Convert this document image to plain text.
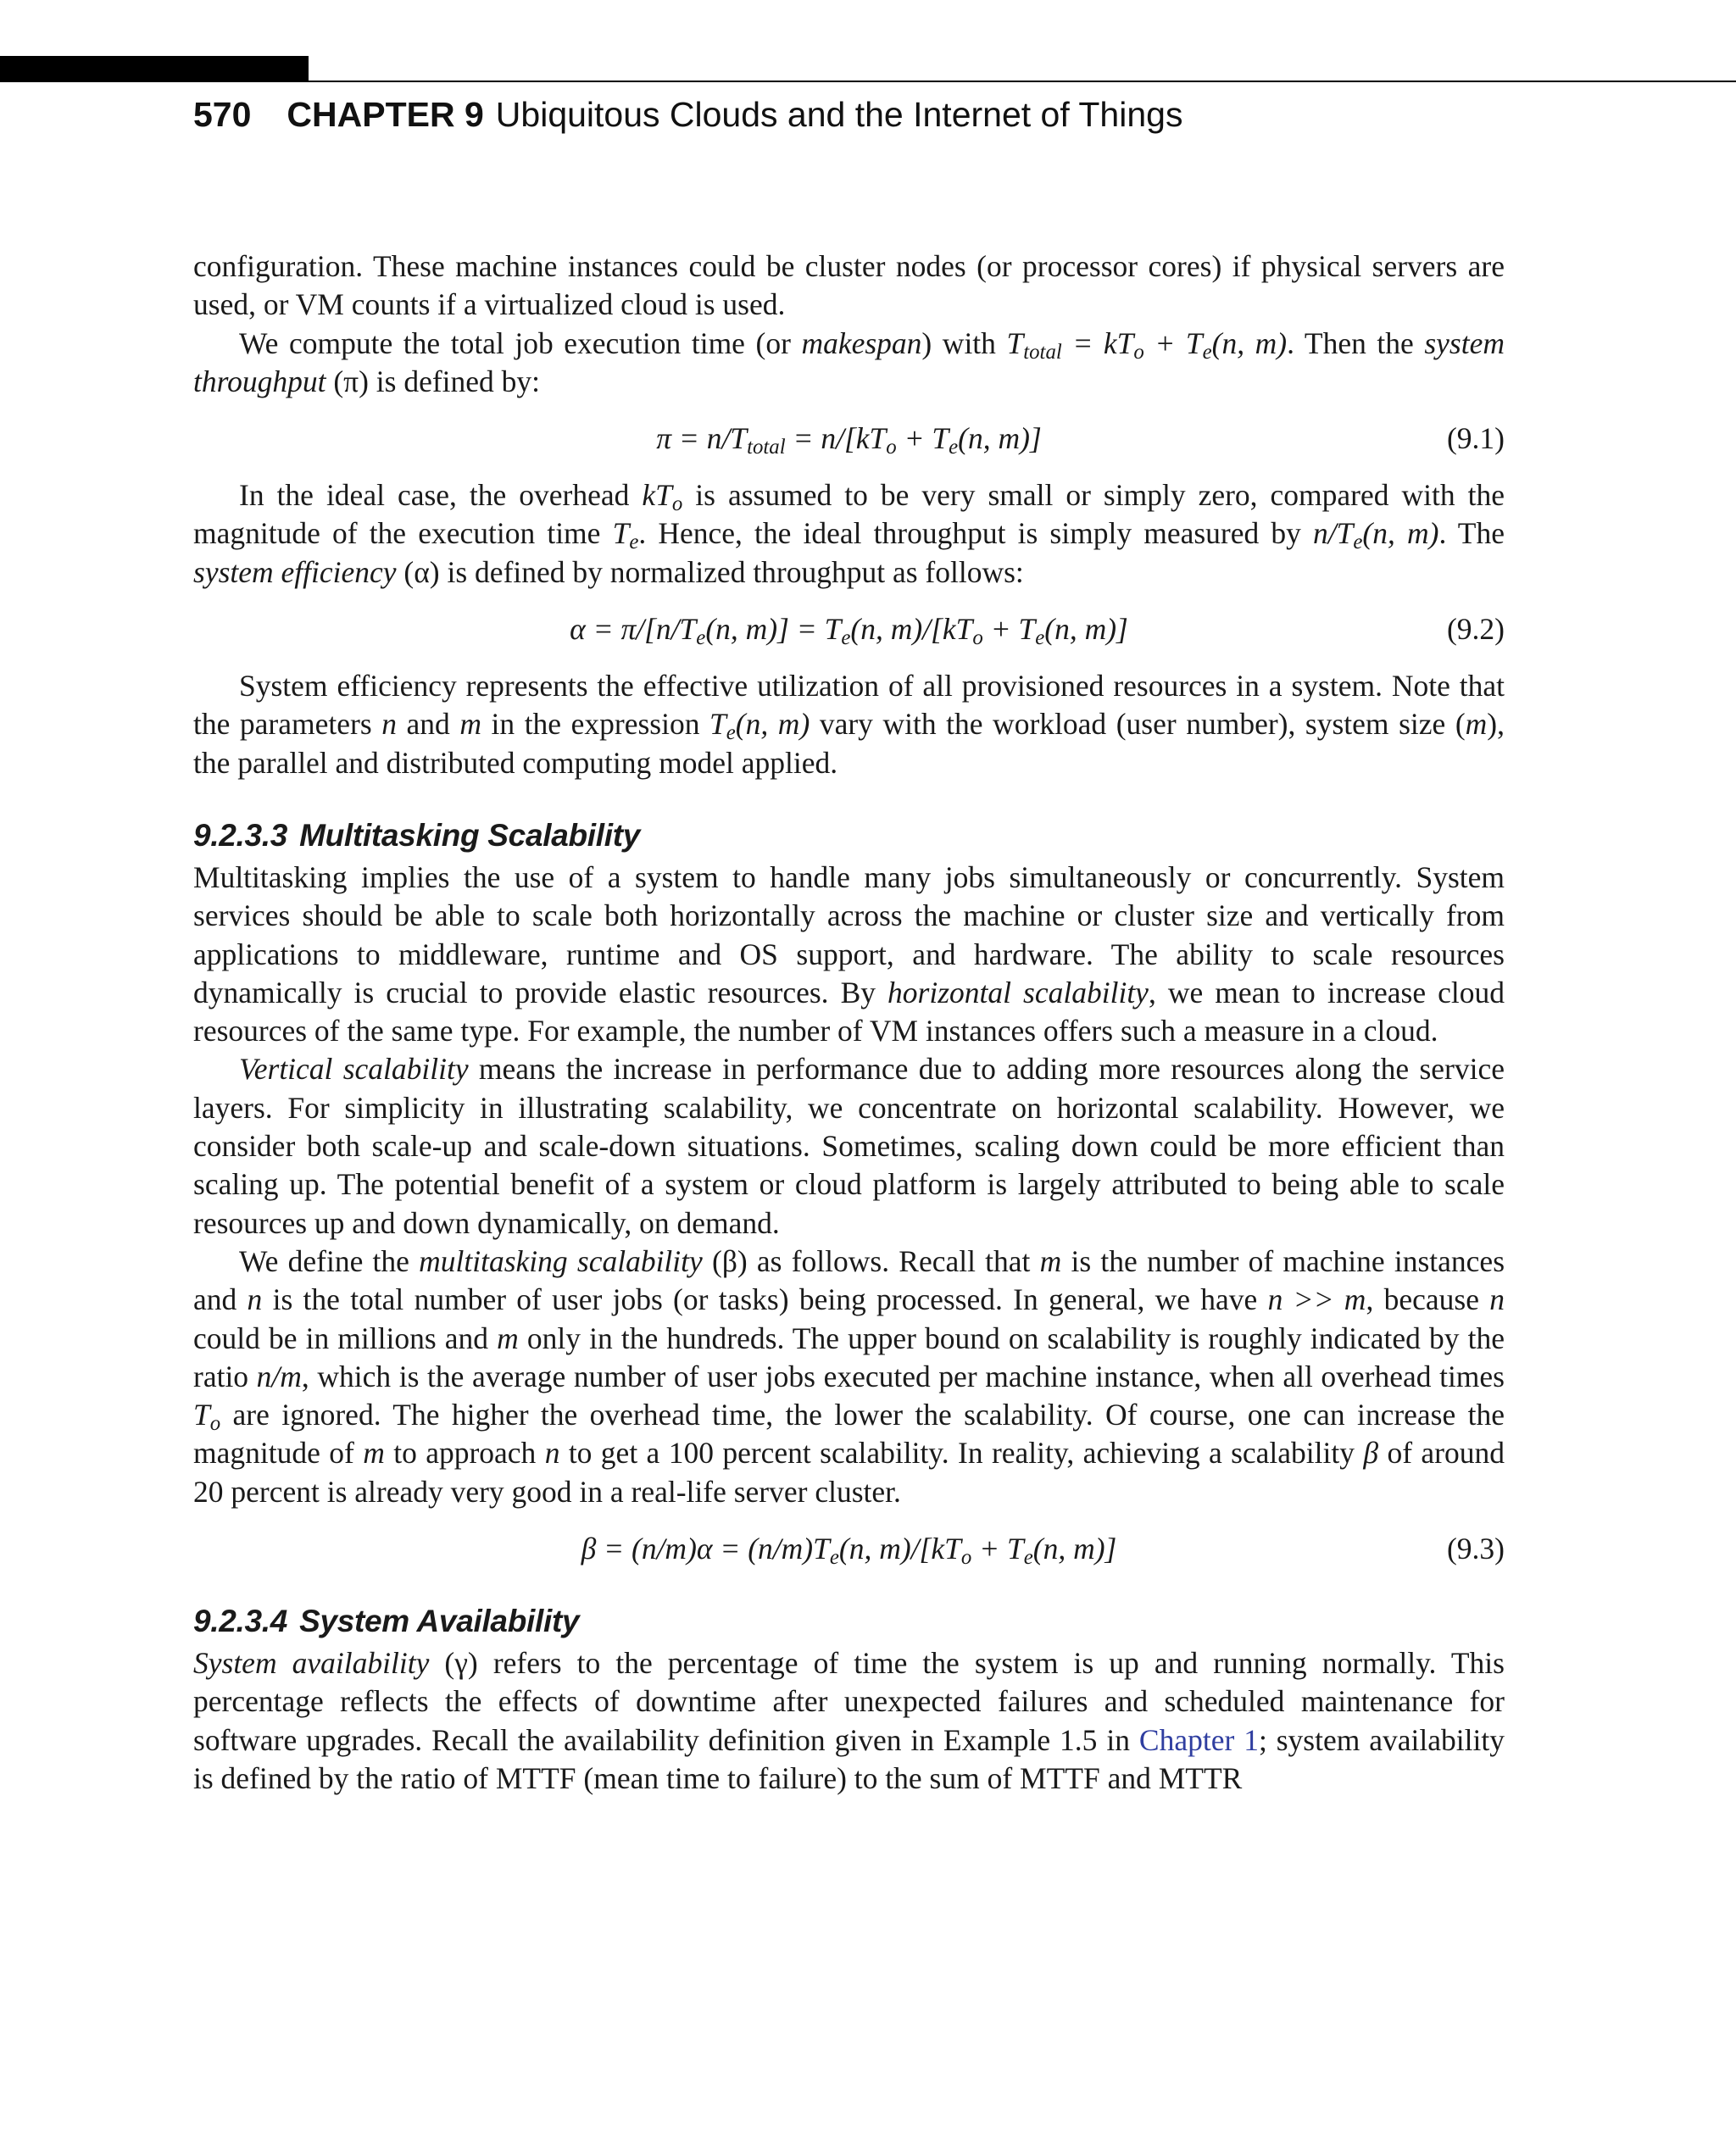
570 CHAPTER 9 Ubiquitous Clouds and the Internet of Things

configuration. These machine instances could be cluster nodes (or processor cores) if physical servers are used, or VM counts if a virtualized cloud is used.

We compute the total job execution time (or makespan) with $T_{total} = kT_o + T_e(n$, m). Then the system throughput (π) is defined by:

$\pi = n/T_{total} = n/[kT_o + T_e(n$, m)]	(9.1)

In the ideal case, the overhead $kT_o$ is assumed to be very small or simply zero, compared with the magnitude of the execution time $T_e$. Hence, the ideal throughput is simply measured by $n/T_e(n$, m). The system efficiency (α) is defined by normalized throughput as follows:

$\alpha = \pi/[n/T_e(n$, $m)] = T_e(n$, $m)/[kT_o + T_e(n$, m)]	(9.2)

System efficiency represents the effective utilization of all provisioned resources in a system. Note that the parameters n and m in the expression $T_e(n$, m) vary with the workload (user number), system size (m), the parallel and distributed computing model applied.

9.2.3.3 Multitasking Scalability

Multitasking implies the use of a system to handle many jobs simultaneously or concurrently. System services should be able to scale both horizontally across the machine or cluster size and vertically from applications to middleware, runtime and OS support, and hardware. The ability to scale resources dynamically is crucial to provide elastic resources. By horizontal scalability, we mean to increase cloud resources of the same type. For example, the number of VM instances offers such a measure in a cloud.

Vertical scalability means the increase in performance due to adding more resources along the service layers. For simplicity in illustrating scalability, we concentrate on horizontal scalability. However, we consider both scale-up and scale-down situations. Sometimes, scaling down could be more efficient than scaling up. The potential benefit of a system or cloud platform is largely attributed to being able to scale resources up and down dynamically, on demand.

We define the multitasking scalability (β) as follows. Recall that m is the number of machine instances and n is the total number of user jobs (or tasks) being processed. In general, we have n >> m, because n could be in millions and m only in the hundreds. The upper bound on scalability is roughly indicated by the ratio n/m, which is the average number of user jobs executed per machine instance, when all overhead times $T_o$ are ignored. The higher the overhead time, the lower the scalability. Of course, one can increase the magnitude of m to approach n to get a 100 percent scalability. In reality, achieving a scalability β of around 20 percent is already very good in a real-life server cluster.

$\beta = (n/m)\alpha = (n/m)T_e(n$, $m)/[kT_o + T_e(n$, m)]	(9.3)
9.2.3.4 System Availability

System availability (γ) refers to the percentage of time the system is up and running normally. This percentage reflects the effects of downtime after unexpected failures and scheduled maintenance for software upgrades. Recall the availability definition given in Example 1.5 in Chapter 1; system availability is defined by the ratio of MTTF (mean time to failure) to the sum of MTTF and MTTR
